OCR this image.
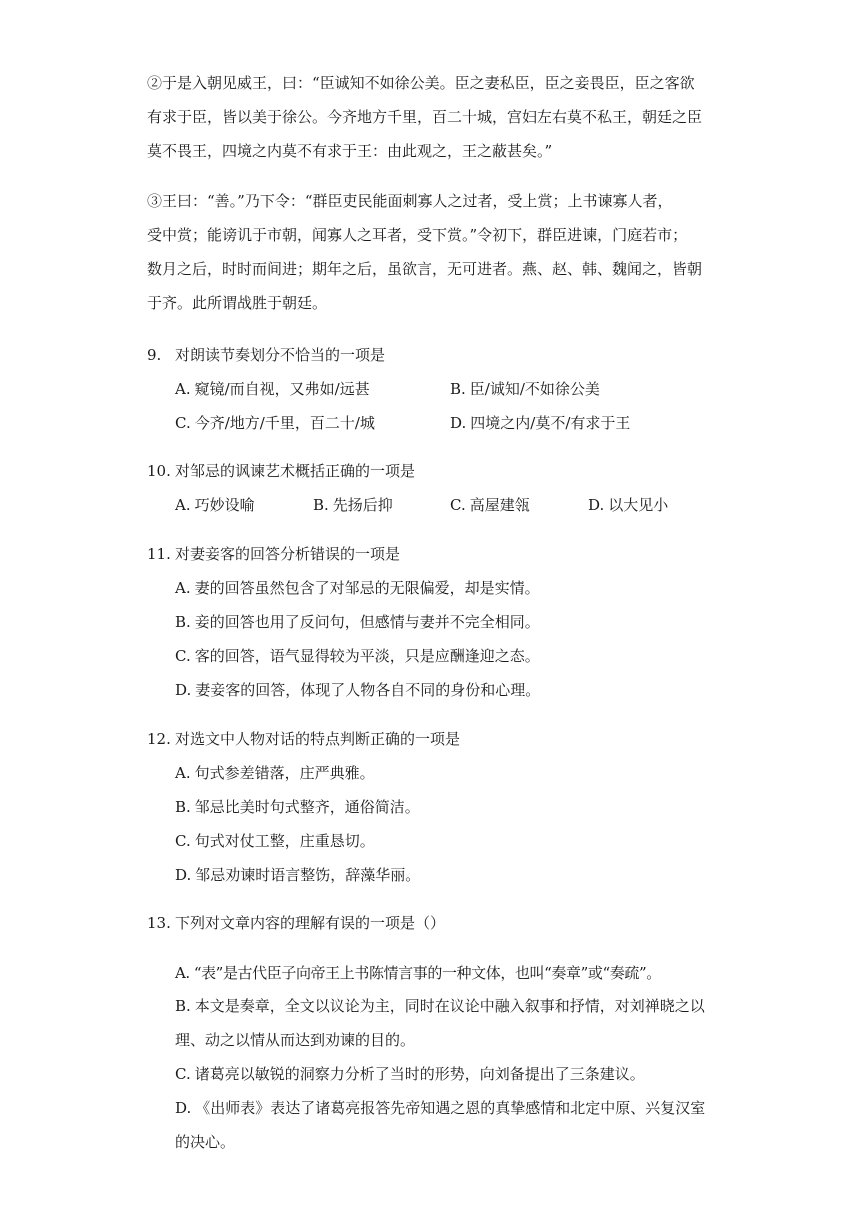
②于是入朝见威王，曰：“臣诚知不如徐公美。臣之妻私臣，臣之妾畏臣，臣之客欲
有求于臣，皆以美于徐公。今齐地方千里，百二十城，宫妇左右莫不私王，朝廷之臣
莫不畏王，四境之内莫不有求于王：由此观之，王之蔽甚矣。”
③王曰：“善。”乃下令：“群臣吏民能面刺寡人之过者，受上赏；上书谏寡人者，
受中赏；能谤讥于市朝，闻寡人之耳者，受下赏。”令初下，群臣进谏，门庭若市；
数月之后，时时而间进；期年之后，虽欲言，无可进者。燕、赵、韩、魏闻之，皆朝
于齐。此所谓战胜于朝廷。
9. 对朗读节奏划分不恰当的一项是
A. 窥镜/而自视，又弗如/远甚	B. 臣/诚知/不如徐公美
C. 今齐/地方/千里，百二十/城	D. 四境之内/莫不/有求于王
10. 对邹忌的讽谏艺术概括正确的一项是
A. 巧妙设喻	B. 先扬后抑	C. 高屋建瓴	D. 以大见小
11. 对妻妾客的回答分析错误的一项是
A. 妻的回答虽然包含了对邹忌的无限偏爱，却是实情。
B. 妾的回答也用了反问句，但感情与妻并不完全相同。
C. 客的回答，语气显得较为平淡，只是应酬逢迎之态。
D. 妻妾客的回答，体现了人物各自不同的身份和心理。
12. 对选文中人物对话的特点判断正确的一项是
A. 句式参差错落，庄严典雅。
B. 邹忌比美时句式整齐，通俗简洁。
C. 句式对仗工整，庄重恳切。
D. 邹忌劝谏时语言整饬，辞藻华丽。
13. 下列对文章内容的理解有误的一项是（）
A. “表”是古代臣子向帝王上书陈情言事的一种文体，也叫“奏章”或“奏疏”。
B. 本文是奏章，全文以议论为主，同时在议论中融入叙事和抒情，对刘禅晓之以
理、动之以情从而达到劝谏的目的。
C. 诸葛亮以敏锐的洞察力分析了当时的形势，向刘备提出了三条建议。
D. 《出师表》表达了诸葛亮报答先帝知遇之恩的真挚感情和北定中原、兴复汉室
的决心。
